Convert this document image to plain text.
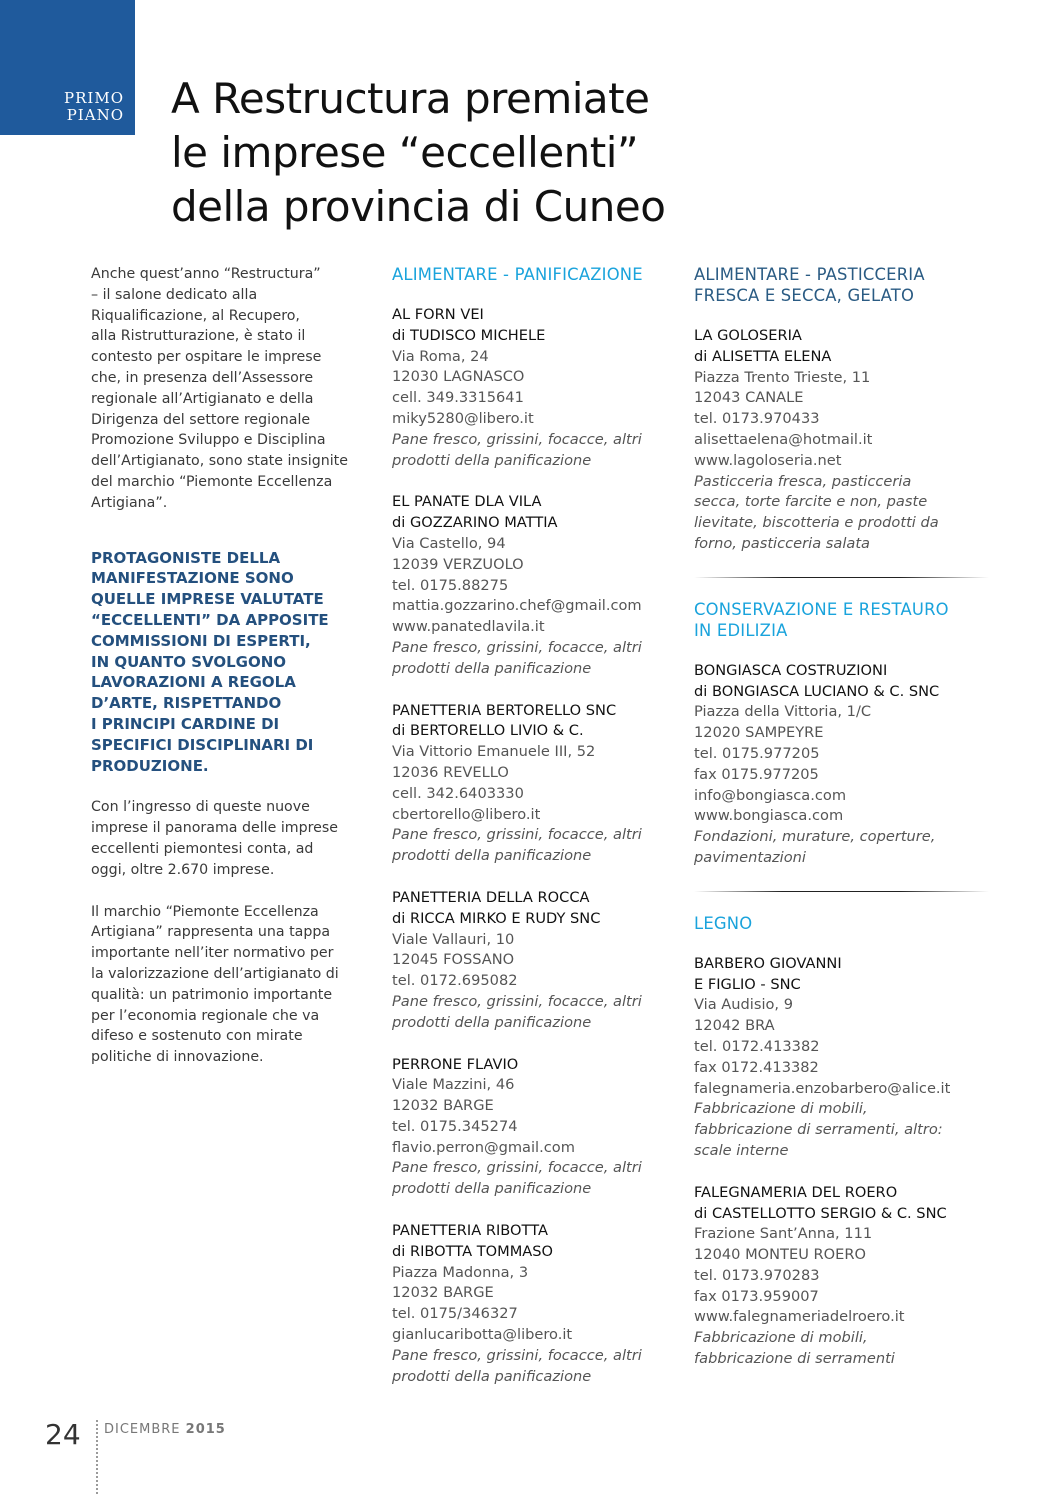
PRIMO
PIANO A Restructura premiate
le imprese “eccellenti”
della provincia di Cuneo

Anche quest’anno “Restructura”
– il salone dedicato alla
Riqualificazione, al Recupero,
alla Ristrutturazione, è stato il
contesto per ospitare le imprese
che, in presenza dell’Assessore
regionale all’Artigianato e della
Dirigenza del settore regionale
Promozione Sviluppo e Disciplina
dell’Artigianato, sono state insignite
del marchio “Piemonte Eccellenza
Artigiana”.

PROTAGONISTE DELLA
MANIFESTAZIONE SONO
QUELLE IMPRESE VALUTATE
“ECCELLENTI” DA APPOSITE
COMMISSIONI DI ESPERTI,
IN QUANTO SVOLGONO
LAVORAZIONI A REGOLA
D’ARTE, RISPETTANDO
I PRINCIPI CARDINE DI
SPECIFICI DISCIPLINARI DI
PRODUZIONE.

Con l’ingresso di queste nuove
imprese il panorama delle imprese
eccellenti piemontesi conta, ad
oggi, oltre 2.670 imprese.

Il marchio “Piemonte Eccellenza
Artigiana” rappresenta una tappa
importante nell’iter normativo per
la valorizzazione dell’artigianato di
qualità: un patrimonio importante
per l’economia regionale che va
difeso e sostenuto con mirate
politiche di innovazione.

ALIMENTARE - PANIFICAZIONE
AL FORN VEI
di TUDISCO MICHELE
Via Roma, 24
12030 LAGNASCO
cell. 349.3315641
miky5280@libero.it
Pane fresco, grissini, focacce, altri
prodotti della panificazione
EL PANATE DLA VILA
di GOZZARINO MATTIA
Via Castello, 94
12039 VERZUOLO
tel. 0175.88275
mattia.gozzarino.chef@gmail.com
www.panatedlavila.it
Pane fresco, grissini, focacce, altri
prodotti della panificazione
PANETTERIA BERTORELLO SNC
di BERTORELLO LIVIO & C.
Via Vittorio Emanuele III, 52
12036 REVELLO
cell. 342.6403330
cbertorello@libero.it
Pane fresco, grissini, focacce, altri
prodotti della panificazione
PANETTERIA DELLA ROCCA
di RICCA MIRKO E RUDY SNC
Viale Vallauri, 10
12045 FOSSANO
tel. 0172.695082
Pane fresco, grissini, focacce, altri
prodotti della panificazione
PERRONE FLAVIO
Viale Mazzini, 46
12032 BARGE
tel. 0175.345274
flavio.perron@gmail.com
Pane fresco, grissini, focacce, altri
prodotti della panificazione
PANETTERIA RIBOTTA
di RIBOTTA TOMMASO
Piazza Madonna, 3
12032 BARGE
tel. 0175/346327
gianlucaribotta@libero.it
Pane fresco, grissini, focacce, altri
prodotti della panificazione
ALIMENTARE - PASTICCERIA
FRESCA E SECCA, GELATO
LA GOLOSERIA
di ALISETTA ELENA
Piazza Trento Trieste, 11
12043 CANALE
tel. 0173.970433
alisettaelena@hotmail.it
www.lagoloseria.net
Pasticceria fresca, pasticceria
secca, torte farcite e non, paste
lievitate, biscotteria e prodotti da
forno, pasticceria salata
CONSERVAZIONE E RESTAURO
IN EDILIZIA
BONGIASCA COSTRUZIONI
di BONGIASCA LUCIANO & C. SNC
Piazza della Vittoria, 1/C
12020 SAMPEYRE
tel. 0175.977205
fax 0175.977205
info@bongiasca.com
www.bongiasca.com
Fondazioni, murature, coperture,
pavimentazioni
LEGNO
BARBERO GIOVANNI
E FIGLIO - SNC
Via Audisio, 9
12042 BRA
tel. 0172.413382
fax 0172.413382
falegnameria.enzobarbero@alice.it
Fabbricazione di mobili,
fabbricazione di serramenti, altro:
scale interne
FALEGNAMERIA DEL ROERO
di CASTELLOTTO SERGIO & C. SNC
Frazione Sant’Anna, 111
12040 MONTEU ROERO
tel. 0173.970283
fax 0173.959007
www.falegnameriadelroero.it
Fabbricazione di mobili,
fabbricazione di serramenti
24 DICEMBRE 2015
